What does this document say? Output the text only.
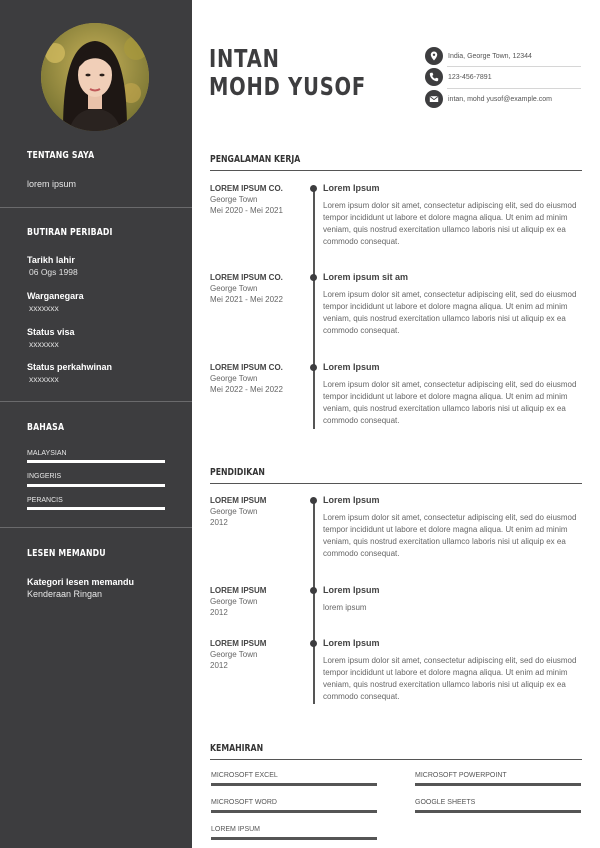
TENTANG SAYA
lorem ipsum
BUTIRAN PERIBADI
Tarikh lahir
06 Ogs 1998
Warganegara
xxxxxxx
Status visa
xxxxxxx
Status perkahwinan
xxxxxxx
BAHASA
MALAYSIAN
INGGERIS
PERANCIS
LESEN MEMANDU
Kategori lesen memandu
Kenderaan Ringan
INTAN
MOHD YUSOF
India, George Town, 12344
123-456-7891
intan, mohd yusof@example.com
PENGALAMAN KERJA
LOREM IPSUM CO.
George Town
Mei 2020 - Mei 2021
Lorem Ipsum
Lorem ipsum dolor sit amet, consectetur adipiscing elit, sed do eiusmod tempor incididunt ut labore et dolore magna aliqua. Ut enim ad minim veniam, quis nostrud exercitation ullamco laboris nisi ut aliquip ex ea commodo consequat.
LOREM IPSUM CO.
George Town
Mei 2021 - Mei 2022
Lorem ipsum sit am
Lorem ipsum dolor sit amet, consectetur adipiscing elit, sed do eiusmod tempor incididunt ut labore et dolore magna aliqua. Ut enim ad minim veniam, quis nostrud exercitation ullamco laboris nisi ut aliquip ex ea commodo consequat.
LOREM IPSUM CO.
George Town
Mei 2022 - Mei 2022
Lorem Ipsum
Lorem ipsum dolor sit amet, consectetur adipiscing elit, sed do eiusmod tempor incididunt ut labore et dolore magna aliqua. Ut enim ad minim veniam, quis nostrud exercitation ullamco laboris nisi ut aliquip ex ea commodo consequat.
PENDIDIKAN
LOREM IPSUM
George Town
2012
Lorem Ipsum
Lorem ipsum dolor sit amet, consectetur adipiscing elit, sed do eiusmod tempor incididunt ut labore et dolore magna aliqua. Ut enim ad minim veniam, quis nostrud exercitation ullamco laboris nisi ut aliquip ex ea commodo consequat.
LOREM IPSUM
George Town
2012
Lorem Ipsum
lorem ipsum
LOREM IPSUM
George Town
2012
Lorem Ipsum
Lorem ipsum dolor sit amet, consectetur adipiscing elit, sed do eiusmod tempor incididunt ut labore et dolore magna aliqua. Ut enim ad minim veniam, quis nostrud exercitation ullamco laboris nisi ut aliquip ex ea commodo consequat.
KEMAHIRAN
MICROSOFT EXCEL	MICROSOFT POWERPOINT
MICROSOFT WORD	GOOGLE SHEETS
LOREM IPSUM
